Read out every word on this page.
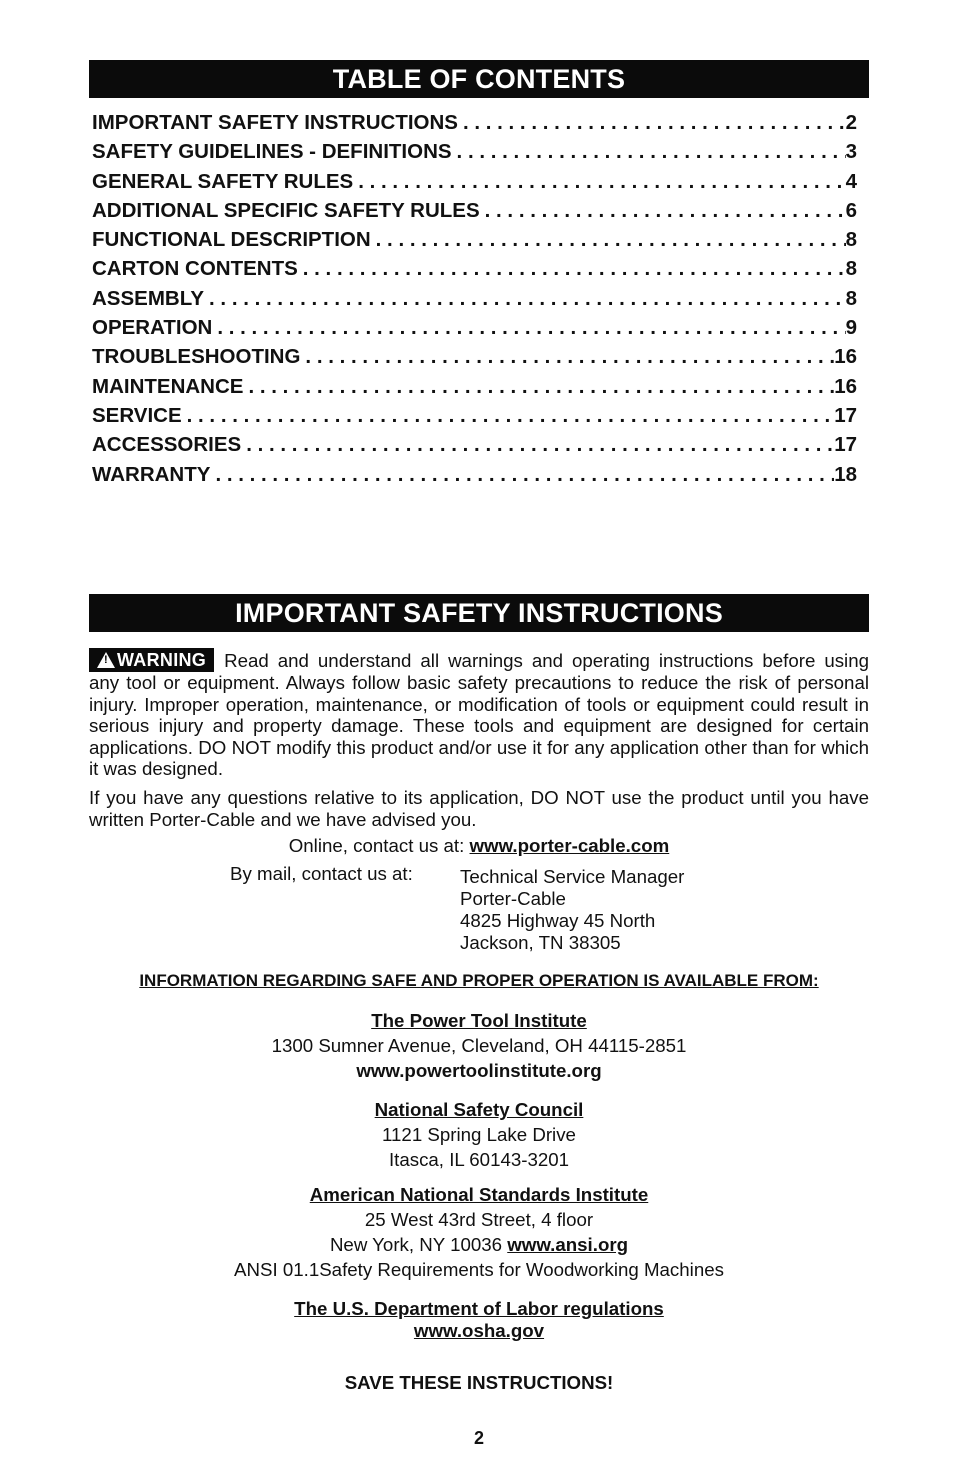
TABLE OF CONTENTS
IMPORTANT SAFETY INSTRUCTIONS . . .	2
SAFETY GUIDELINES - DEFINITIONS . . .	3
GENERAL SAFETY RULES . . .	4
ADDITIONAL SPECIFIC SAFETY RULES . . .	6
FUNCTIONAL DESCRIPTION . . .	8
CARTON CONTENTS . . .	8
ASSEMBLY . . .	8
OPERATION . . .	9
TROUBLESHOOTING . . .	16
MAINTENANCE . . .	16
SERVICE . . .	17
ACCESSORIES . . .	17
WARRANTY . . .	18
IMPORTANT SAFETY INSTRUCTIONS

!WARNING Read and understand all warnings and operating instructions before using any tool or equipment. Always follow basic safety precautions to reduce the risk of personal injury. Improper operation, maintenance, or modification of tools or equipment could result in serious injury and property damage. These tools and equipment are designed for certain applications. DO NOT modify this product and/or use it for any application other than for which it was designed.

If you have any questions relative to its application, DO NOT use the product until you have written Porter-Cable and we have advised you.

Online, contact us at: www.porter-cable.com
By mail, contact us at:	Technical Service Manager
Porter-Cable
4825 Highway 45 North
Jackson, TN 38305
INFORMATION REGARDING SAFE AND PROPER OPERATION IS AVAILABLE FROM:
The Power Tool Institute
1300 Sumner Avenue, Cleveland, OH 44115-2851
www.powertoolinstitute.org
National Safety Council
1121 Spring Lake Drive
Itasca, IL 60143-3201
American National Standards Institute
25 West 43rd Street, 4 floor
New York, NY 10036 www.ansi.org
ANSI 01.1Safety Requirements for Woodworking Machines
The U.S. Department of Labor regulations
www.osha.gov
SAVE THESE INSTRUCTIONS!
2
